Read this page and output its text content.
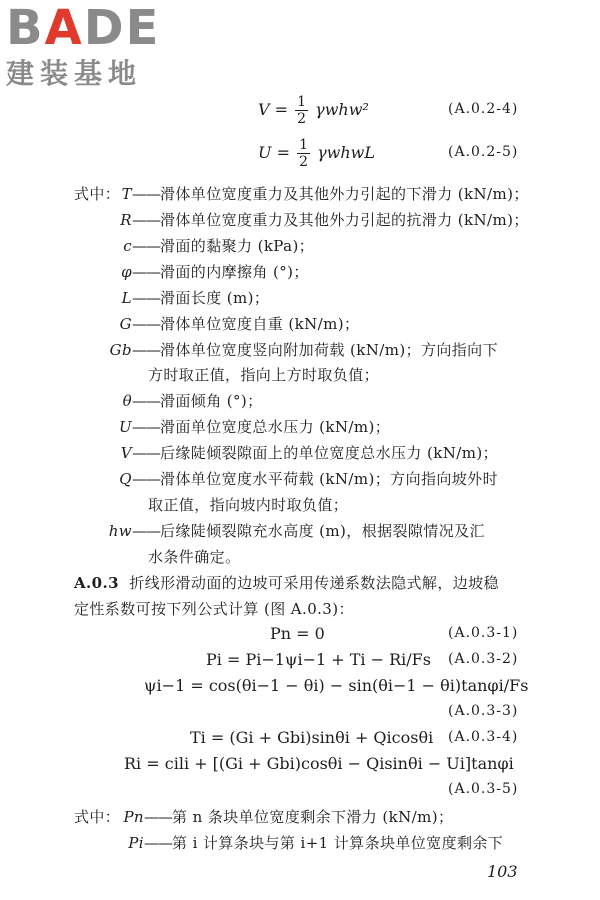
BADE
建装基地
$V = \frac{1}{2} \gamma whw^2$	(A.0.2-4)
$U = \frac{1}{2}$ γwhwL	(A.0.2-5)
式中： T——滑体单位宽度重力及其他外力引起的下滑力 (kN/m)；
R——滑体单位宽度重力及其他外力引起的抗滑力 (kN/m)；
c——滑面的黏聚力 (kPa)；
φ——滑面的内摩擦角 (°)；
L——滑面长度 (m)；
G——滑体单位宽度自重 (kN/m)；
Gb——滑体单位宽度竖向附加荷载 (kN/m)；方向指向下
方时取正值，指向上方时取负值；
θ——滑面倾角 (°)；
U——滑面单位宽度总水压力 (kN/m)；
V——后缘陡倾裂隙面上的单位宽度总水压力 (kN/m)；
Q——滑体单位宽度水平荷载 (kN/m)；方向指向坡外时
取正值，指向坡内时取负值；
hw——后缘陡倾裂隙充水高度 (m)，根据裂隙情况及汇
水条件确定。
A.0.3 折线形滑动面的边坡可采用传递系数法隐式解，边坡稳
定性系数可按下列公式计算 (图 A.0.3)：
Pn = 0	(A.0.3-1)
Pi = Pi−1ψi−1 + Ti − Ri/Fs (A.0.3-2)
ψi−1 = cos(θi−1 − θi) − sin(θi−1 − θi)tanφi/Fs
(A.0.3-3)
Ti = (Gi + Gbi)sinθi + Qicosθi (A.0.3-4)
Ri = cili + [(Gi + Gbi)cosθi − Qisinθi − Ui]tanφi
(A.0.3-5)
式中： Pn——第 n 条块单位宽度剩余下滑力 (kN/m)；
Pi——第 i 计算条块与第 i+1 计算条块单位宽度剩余下
103
